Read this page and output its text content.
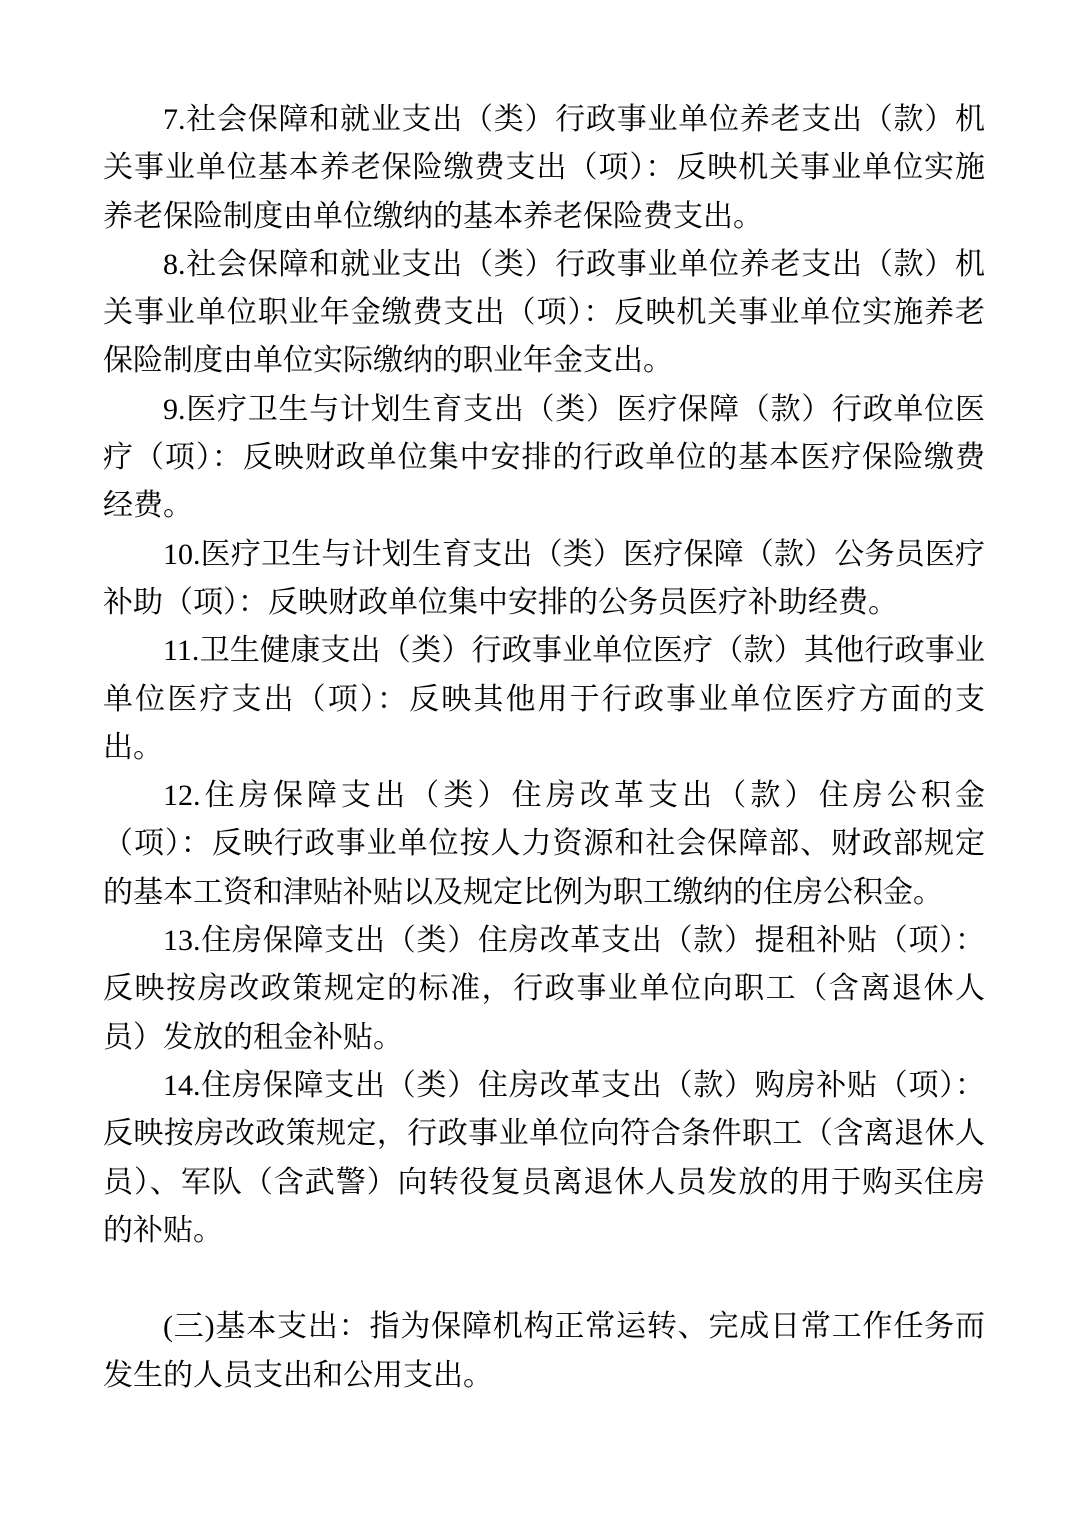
7.社会保障和就业支出（类）行政事业单位养老支出（款）机关事业单位基本养老保险缴费支出（项）：反映机关事业单位实施养老保险制度由单位缴纳的基本养老保险费支出。

8.社会保障和就业支出（类）行政事业单位养老支出（款）机关事业单位职业年金缴费支出（项）：反映机关事业单位实施养老保险制度由单位实际缴纳的职业年金支出。

9.医疗卫生与计划生育支出（类）医疗保障（款）行政单位医疗（项）：反映财政单位集中安排的行政单位的基本医疗保险缴费经费。

10.医疗卫生与计划生育支出（类）医疗保障（款）公务员医疗补助（项）：反映财政单位集中安排的公务员医疗补助经费。

11.卫生健康支出（类）行政事业单位医疗（款）其他行政事业单位医疗支出（项）：反映其他用于行政事业单位医疗方面的支出。

12.住房保障支出（类）住房改革支出（款）住房公积金（项）：反映行政事业单位按人力资源和社会保障部、财政部规定的基本工资和津贴补贴以及规定比例为职工缴纳的住房公积金。

13.住房保障支出（类）住房改革支出（款）提租补贴（项）：反映按房改政策规定的标准，行政事业单位向职工（含离退休人员）发放的租金补贴。

14.住房保障支出（类）住房改革支出（款）购房补贴（项）：反映按房改政策规定，行政事业单位向符合条件职工（含离退休人员）、军队（含武警）向转役复员离退休人员发放的用于购买住房的补贴。

(三)基本支出：指为保障机构正常运转、完成日常工作任务而发生的人员支出和公用支出。
